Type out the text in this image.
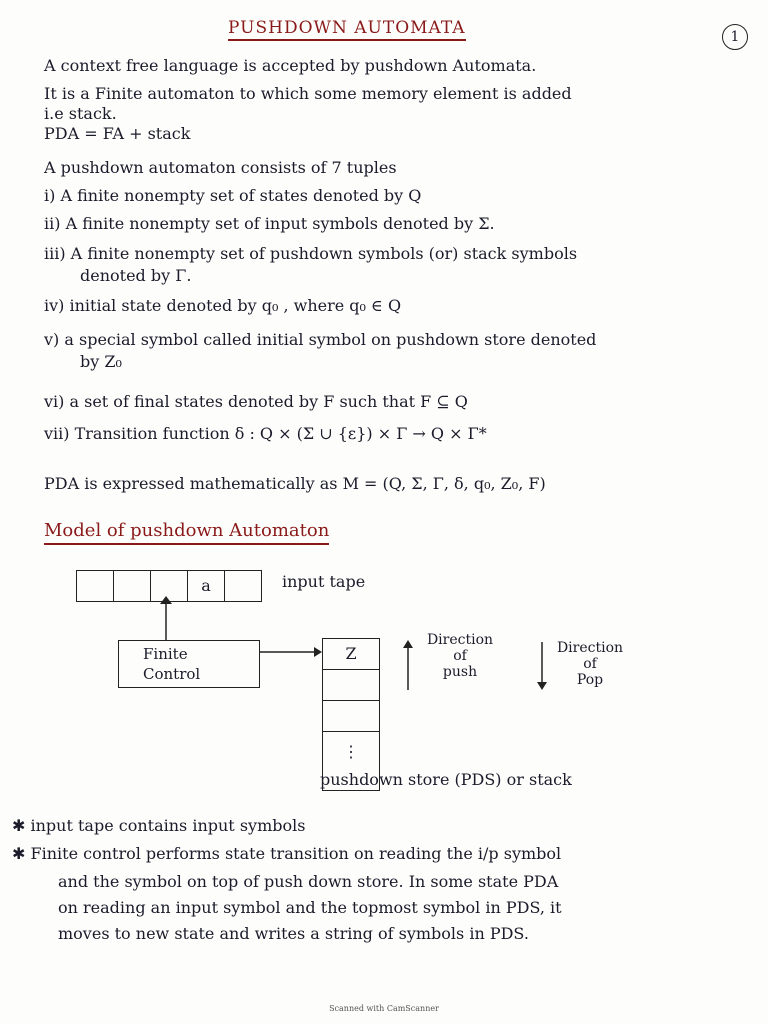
PUSHDOWN AUTOMATA	1
A context free language is accepted by pushdown Automata.
It is a Finite automaton to which some memory element is added
i.e stack.
PDA = FA + stack
A pushdown automaton consists of 7 tuples
i) A finite nonempty set of states denoted by Q
ii) A finite nonempty set of input symbols denoted by Σ.
iii) A finite nonempty set of pushdown symbols (or) stack symbols
denoted by Γ.
iv) initial state denoted by q₀ , where q₀ ∈ Q
v) a special symbol called initial symbol on pushdown store denoted
by Z₀
vi) a set of final states denoted by F such that F ⊆ Q
vii) Transition function δ : Q × (Σ ∪ {ε}) × Γ → Q × Γ*
PDA is expressed mathematically as M = (Q, Σ, Γ, δ, q₀, Z₀, F)
Model of pushdown Automaton
a	input tape
Finite
Control
Z
⋮
Direction
of
push
Direction
of
Pop
pushdown store (PDS) or stack
✱ input tape contains input symbols
✱ Finite control performs state transition on reading the i/p symbol
and the symbol on top of push down store. In some state PDA
on reading an input symbol and the topmost symbol in PDS, it
moves to new state and writes a string of symbols in PDS.
Scanned with CamScanner
